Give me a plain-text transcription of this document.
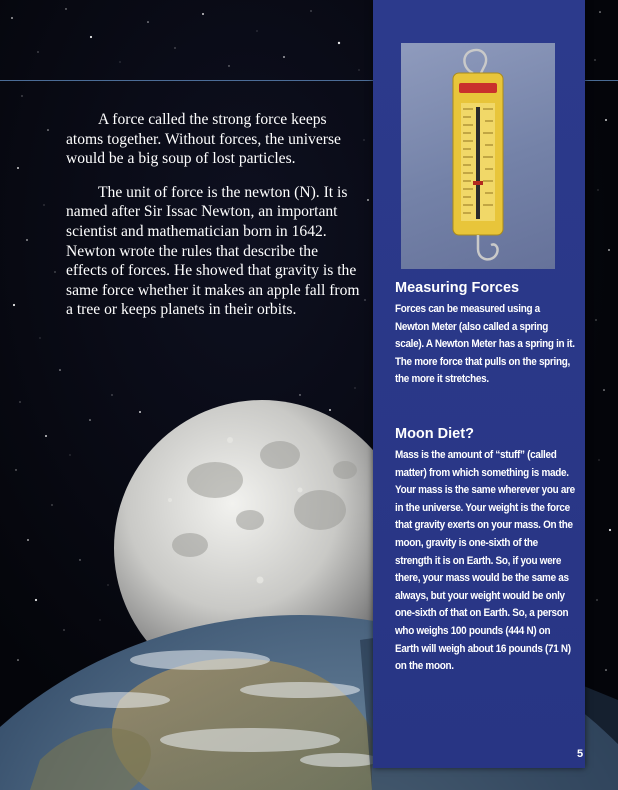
A force called the strong force keeps atoms together. Without forces, the universe would be a big soup of lost particles.

The unit of force is the newton (N). It is named after Sir Issac Newton, an important scientist and mathematician born in 1642. Newton wrote the rules that describe the effects of forces. He showed that gravity is the same force whether it makes an apple fall from a tree or keeps planets in their orbits.

Measuring Forces
Forces can be measured using a Newton Meter (also called a spring scale). A Newton Meter has a spring in it. The more force that pulls on the spring, the more it stretches.
Moon Diet?
Mass is the amount of “stuff” (called matter) from which something is made. Your mass is the same wherever you are in the universe. Your weight is the force that gravity exerts on your mass. On the moon, gravity is one-sixth of the strength it is on Earth. So, if you were there, your mass would be the same as always, but your weight would be only one-sixth of that on Earth. So, a person who weighs 100 pounds (444 N) on Earth will weigh about 16 pounds (71 N) on the moon.
5
